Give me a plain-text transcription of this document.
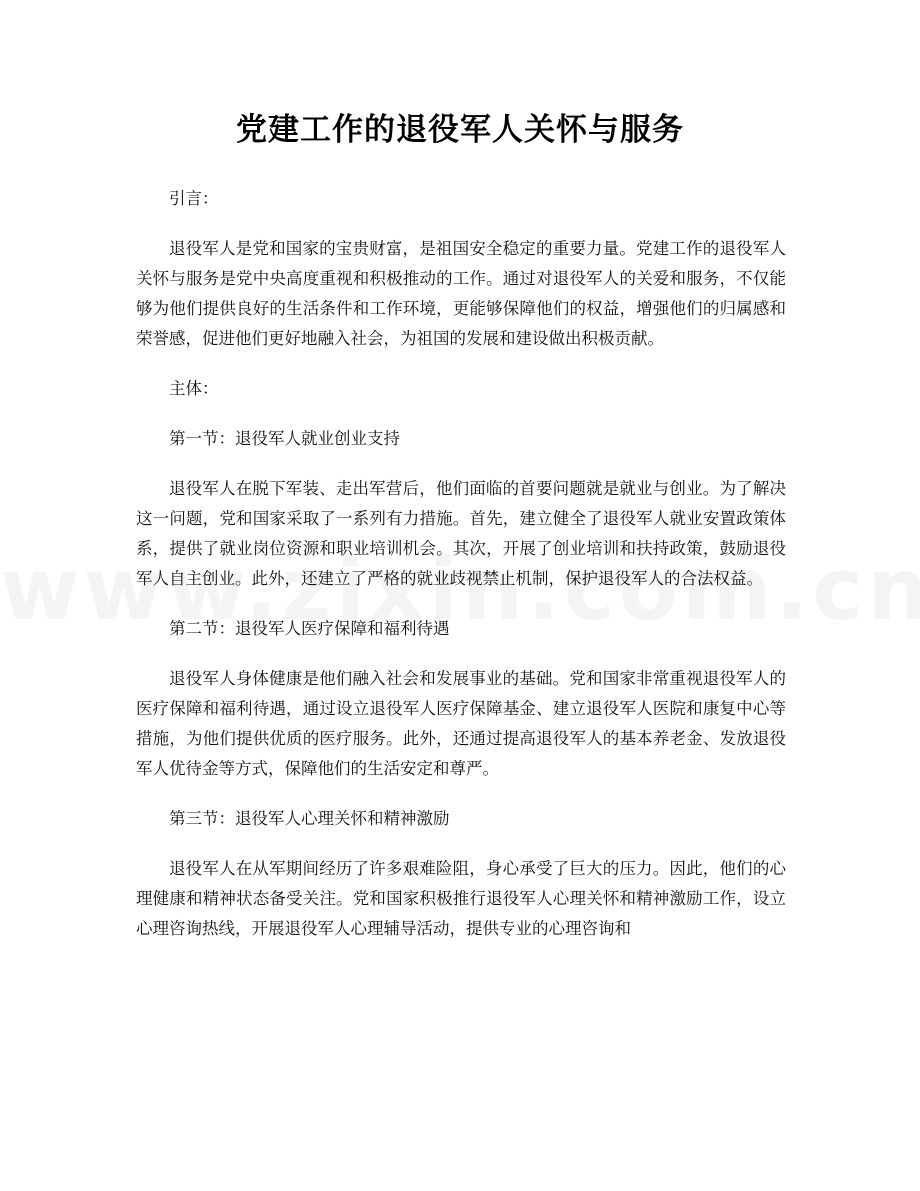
党建工作的退役军人关怀与服务

引言：

退役军人是党和国家的宝贵财富，是祖国安全稳定的重要力量。党建工作的退役军人关怀与服务是党中央高度重视和积极推动的工作。通过对退役军人的关爱和服务，不仅能够为他们提供良好的生活条件和工作环境，更能够保障他们的权益，增强他们的归属感和荣誉感，促进他们更好地融入社会，为祖国的发展和建设做出积极贡献。

主体：

第一节：退役军人就业创业支持

退役军人在脱下军装、走出军营后，他们面临的首要问题就是就业与创业。为了解决这一问题，党和国家采取了一系列有力措施。首先，建立健全了退役军人就业安置政策体系，提供了就业岗位资源和职业培训机会。其次，开展了创业培训和扶持政策，鼓励退役军人自主创业。此外，还建立了严格的就业歧视禁止机制，保护退役军人的合法权益。

第二节：退役军人医疗保障和福利待遇

退役军人身体健康是他们融入社会和发展事业的基础。党和国家非常重视退役军人的医疗保障和福利待遇，通过设立退役军人医疗保障基金、建立退役军人医院和康复中心等措施，为他们提供优质的医疗服务。此外，还通过提高退役军人的基本养老金、发放退役军人优待金等方式，保障他们的生活安定和尊严。

第三节：退役军人心理关怀和精神激励

退役军人在从军期间经历了许多艰难险阻，身心承受了巨大的压力。因此，他们的心理健康和精神状态备受关注。党和国家积极推行退役军人心理关怀和精神激励工作，设立心理咨询热线，开展退役军人心理辅导活动，提供专业的心理咨询和
